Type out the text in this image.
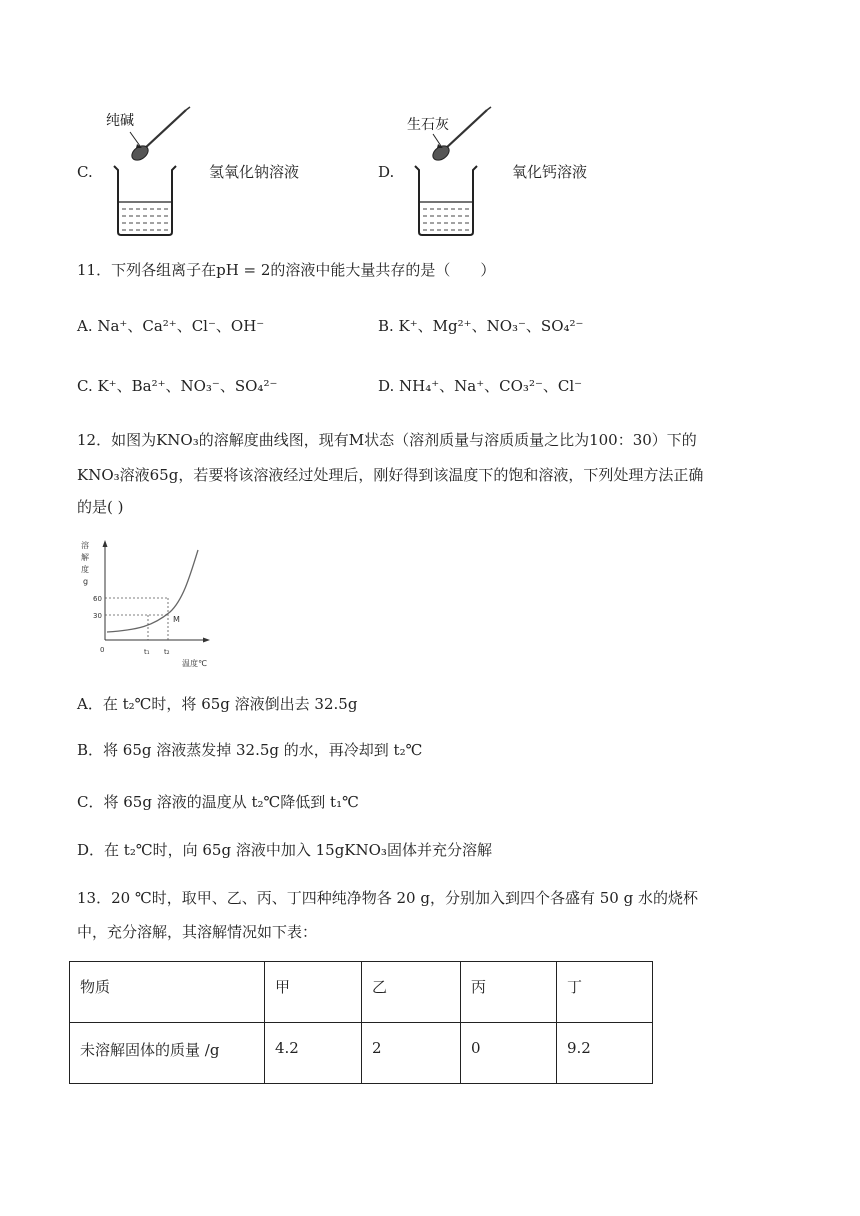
C.
纯碱
氢氧化钠溶液	D.
生石灰
氧化钙溶液
11．下列各组离子在pH = 2的溶液中能大量共存的是（　　）
A. Na⁺、Ca²⁺、Cl⁻、OH⁻	B. K⁺、Mg²⁺、NO₃⁻、SO₄²⁻
C. K⁺、Ba²⁺、NO₃⁻、SO₄²⁻	D. NH₄⁺、Na⁺、CO₃²⁻、Cl⁻
12．如图为KNO₃的溶解度曲线图，现有M状态（溶剂质量与溶质质量之比为100：30）下的
KNO₃溶液65g，若要将该溶液经过处理后，刚好得到该温度下的饱和溶液，下列处理方法正确
的是( )
溶
解
度
g
60
30
0	t₁ t₂
M
温度℃
A．在 t₂℃时，将 65g 溶液倒出去 32.5g
B．将 65g 溶液蒸发掉 32.5g 的水，再冷却到 t₂℃
C．将 65g 溶液的温度从 t₂℃降低到 t₁℃
D．在 t₂℃时，向 65g 溶液中加入 15gKNO₃固体并充分溶解
13．20 ℃时，取甲、乙、丙、丁四种纯净物各 20 g，分别加入到四个各盛有 50 g 水的烧杯
中，充分溶解，其溶解情况如下表：
物质	甲	乙	丙	丁
未溶解固体的质量 /g	4.2	2	0	9.2
